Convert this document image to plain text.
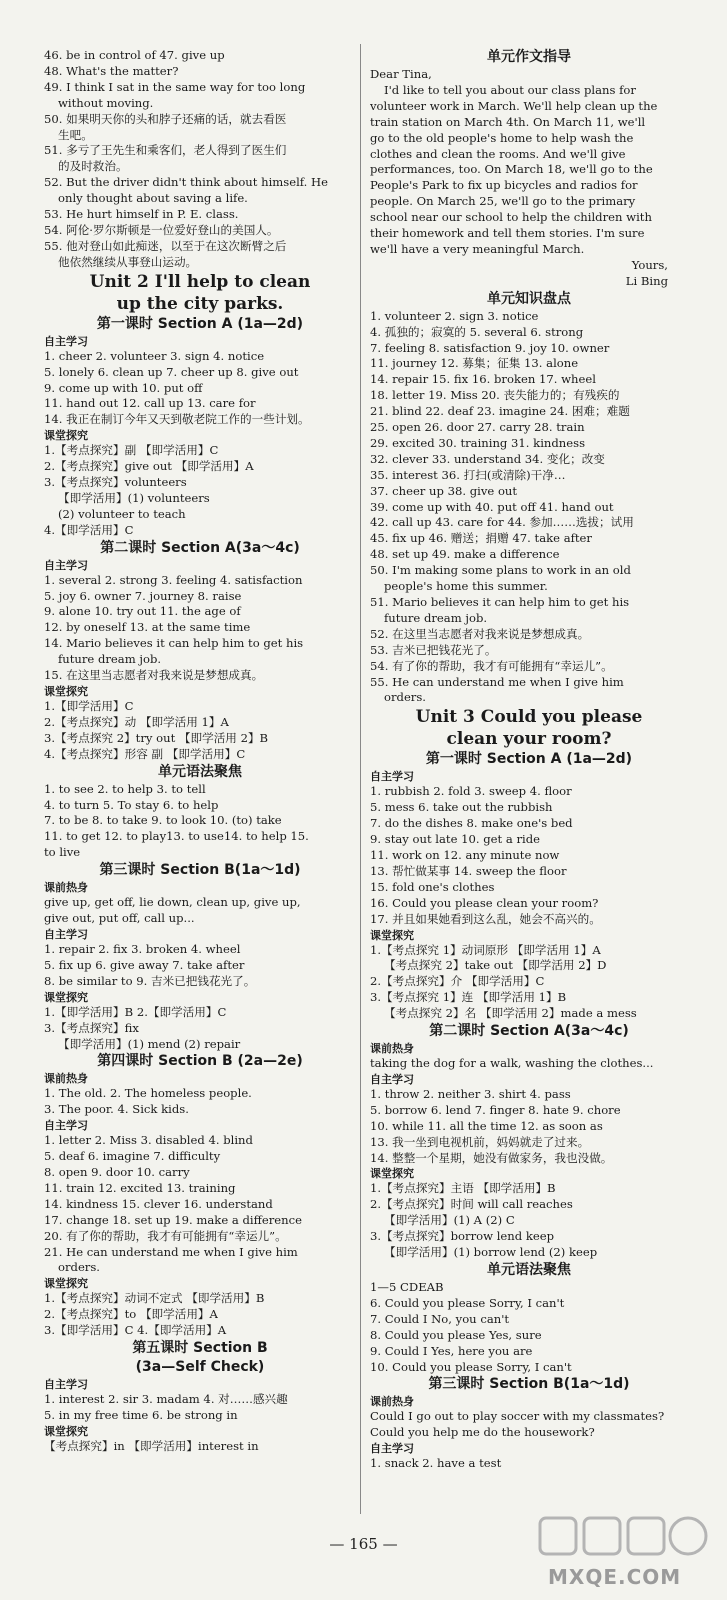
46. be in control of 47. give up
48. What's the matter?
49. I think I sat in the same way for too long
without moving.
50. 如果明天你的头和脖子还痛的话，就去看医
生吧。
51. 多亏了王先生和乘客们，老人得到了医生们
的及时救治。
52. But the driver didn't think about himself. He
only thought about saving a life.
53. He hurt himself in P. E. class.
54. 阿伦·罗尔斯顿是一位爱好登山的美国人。
55. 他对登山如此痴迷，以至于在这次断臂之后
他依然继续从事登山运动。
Unit 2 I'll help to clean
up the city parks.
第一课时 Section A (1a—2d)
自主学习
1. cheer 2. volunteer 3. sign 4. notice
5. lonely 6. clean up 7. cheer up 8. give out
9. come up with 10. put off
11. hand out 12. call up 13. care for
14. 我正在制订今年又天到敬老院工作的一些计划。
课堂探究
1.【考点探究】副 【即学活用】C
2.【考点探究】give out 【即学活用】A
3.【考点探究】volunteers
【即学活用】(1) volunteers
(2) volunteer to teach
4.【即学活用】C
第二课时 Section A(3a～4c)
自主学习
1. several 2. strong 3. feeling 4. satisfaction
5. joy 6. owner 7. journey 8. raise
9. alone 10. try out 11. the age of
12. by oneself 13. at the same time
14. Mario believes it can help him to get his
future dream job.
15. 在这里当志愿者对我来说是梦想成真。
课堂探究
1.【即学活用】C
2.【考点探究】动 【即学活用 1】A
3.【考点探究 2】try out 【即学活用 2】B
4.【考点探究】形容 副 【即学活用】C
单元语法聚焦
1. to see 2. to help 3. to tell
4. to turn 5. To stay 6. to help
7. to be 8. to take 9. to look 10. (to) take
11. to get 12. to play13. to use14. to help 15.
to live
第三课时 Section B(1a～1d)
课前热身
give up, get off, lie down, clean up, give up,
give out, put off, call up...
自主学习
1. repair 2. fix 3. broken 4. wheel
5. fix up 6. give away 7. take after
8. be similar to 9. 吉米已把钱花光了。
课堂探究
1.【即学活用】B 2.【即学活用】C
3.【考点探究】fix
【即学活用】(1) mend (2) repair
第四课时 Section B (2a—2e)
课前热身
1. The old. 2. The homeless people.
3. The poor. 4. Sick kids.
自主学习
1. letter 2. Miss 3. disabled 4. blind
5. deaf 6. imagine 7. difficulty
8. open 9. door 10. carry
11. train 12. excited 13. training
14. kindness 15. clever 16. understand
17. change 18. set up 19. make a difference
20. 有了你的帮助，我才有可能拥有“幸运儿”。
21. He can understand me when I give him
orders.
课堂探究
1.【考点探究】动词不定式 【即学活用】B
2.【考点探究】to 【即学活用】A
3.【即学活用】C 4.【即学活用】A
第五课时 Section B
(3a—Self Check)
自主学习
1. interest 2. sir 3. madam 4. 对……感兴趣
5. in my free time 6. be strong in
课堂探究
【考点探究】in 【即学活用】interest in
单元作文指导
Dear Tina,
I'd like to tell you about our class plans for
volunteer work in March. We'll help clean up the
train station on March 4th. On March 11, we'll
go to the old people's home to help wash the
clothes and clean the rooms. And we'll give
performances, too. On March 18, we'll go to the
People's Park to fix up bicycles and radios for
people. On March 25, we'll go to the primary
school near our school to help the children with
their homework and tell them stories. I'm sure
we'll have a very meaningful March.
Yours,
Li Bing
单元知识盘点
1. volunteer 2. sign 3. notice
4. 孤独的；寂寞的 5. several 6. strong
7. feeling 8. satisfaction 9. joy 10. owner
11. journey 12. 募集；征集 13. alone
14. repair 15. fix 16. broken 17. wheel
18. letter 19. Miss 20. 丧失能力的；有残疾的
21. blind 22. deaf 23. imagine 24. 困难；难题
25. open 26. door 27. carry 28. train
29. excited 30. training 31. kindness
32. clever 33. understand 34. 变化；改变
35. interest 36. 打扫(或清除)干净…
37. cheer up 38. give out
39. come up with 40. put off 41. hand out
42. call up 43. care for 44. 参加……选拔；试用
45. fix up 46. 赠送；捐赠 47. take after
48. set up 49. make a difference
50. I'm making some plans to work in an old
people's home this summer.
51. Mario believes it can help him to get his
future dream job.
52. 在这里当志愿者对我来说是梦想成真。
53. 吉米已把钱花光了。
54. 有了你的帮助，我才有可能拥有“幸运儿”。
55. He can understand me when I give him
orders.
Unit 3 Could you please
clean your room?
第一课时 Section A (1a—2d)
自主学习
1. rubbish 2. fold 3. sweep 4. floor
5. mess 6. take out the rubbish
7. do the dishes 8. make one's bed
9. stay out late 10. get a ride
11. work on 12. any minute now
13. 帮忙做某事 14. sweep the floor
15. fold one's clothes
16. Could you please clean your room?
17. 并且如果她看到这么乱，她会不高兴的。
课堂探究
1.【考点探究 1】动词原形 【即学活用 1】A
【考点探究 2】take out 【即学活用 2】D
2.【考点探究】介 【即学活用】C
3.【考点探究 1】连 【即学活用 1】B
【考点探究 2】名 【即学活用 2】made a mess
第二课时 Section A(3a～4c)
课前热身
taking the dog for a walk, washing the clothes...
自主学习
1. throw 2. neither 3. shirt 4. pass
5. borrow 6. lend 7. finger 8. hate 9. chore
10. while 11. all the time 12. as soon as
13. 我一坐到电视机前，妈妈就走了过来。
14. 整整一个星期，她没有做家务，我也没做。
课堂探究
1.【考点探究】主语 【即学活用】B
2.【考点探究】时间 will call reaches
【即学活用】(1) A (2) C
3.【考点探究】borrow lend keep
【即学活用】(1) borrow lend (2) keep
单元语法聚焦
1—5 CDEAB
6. Could you please Sorry, I can't
7. Could I No, you can't
8. Could you please Yes, sure
9. Could I Yes, here you are
10. Could you please Sorry, I can't
第三课时 Section B(1a～1d)
课前热身
Could I go out to play soccer with my classmates?
Could you help me do the housework?
自主学习
1. snack 2. have a test
— 165 —
MXQE.COM
